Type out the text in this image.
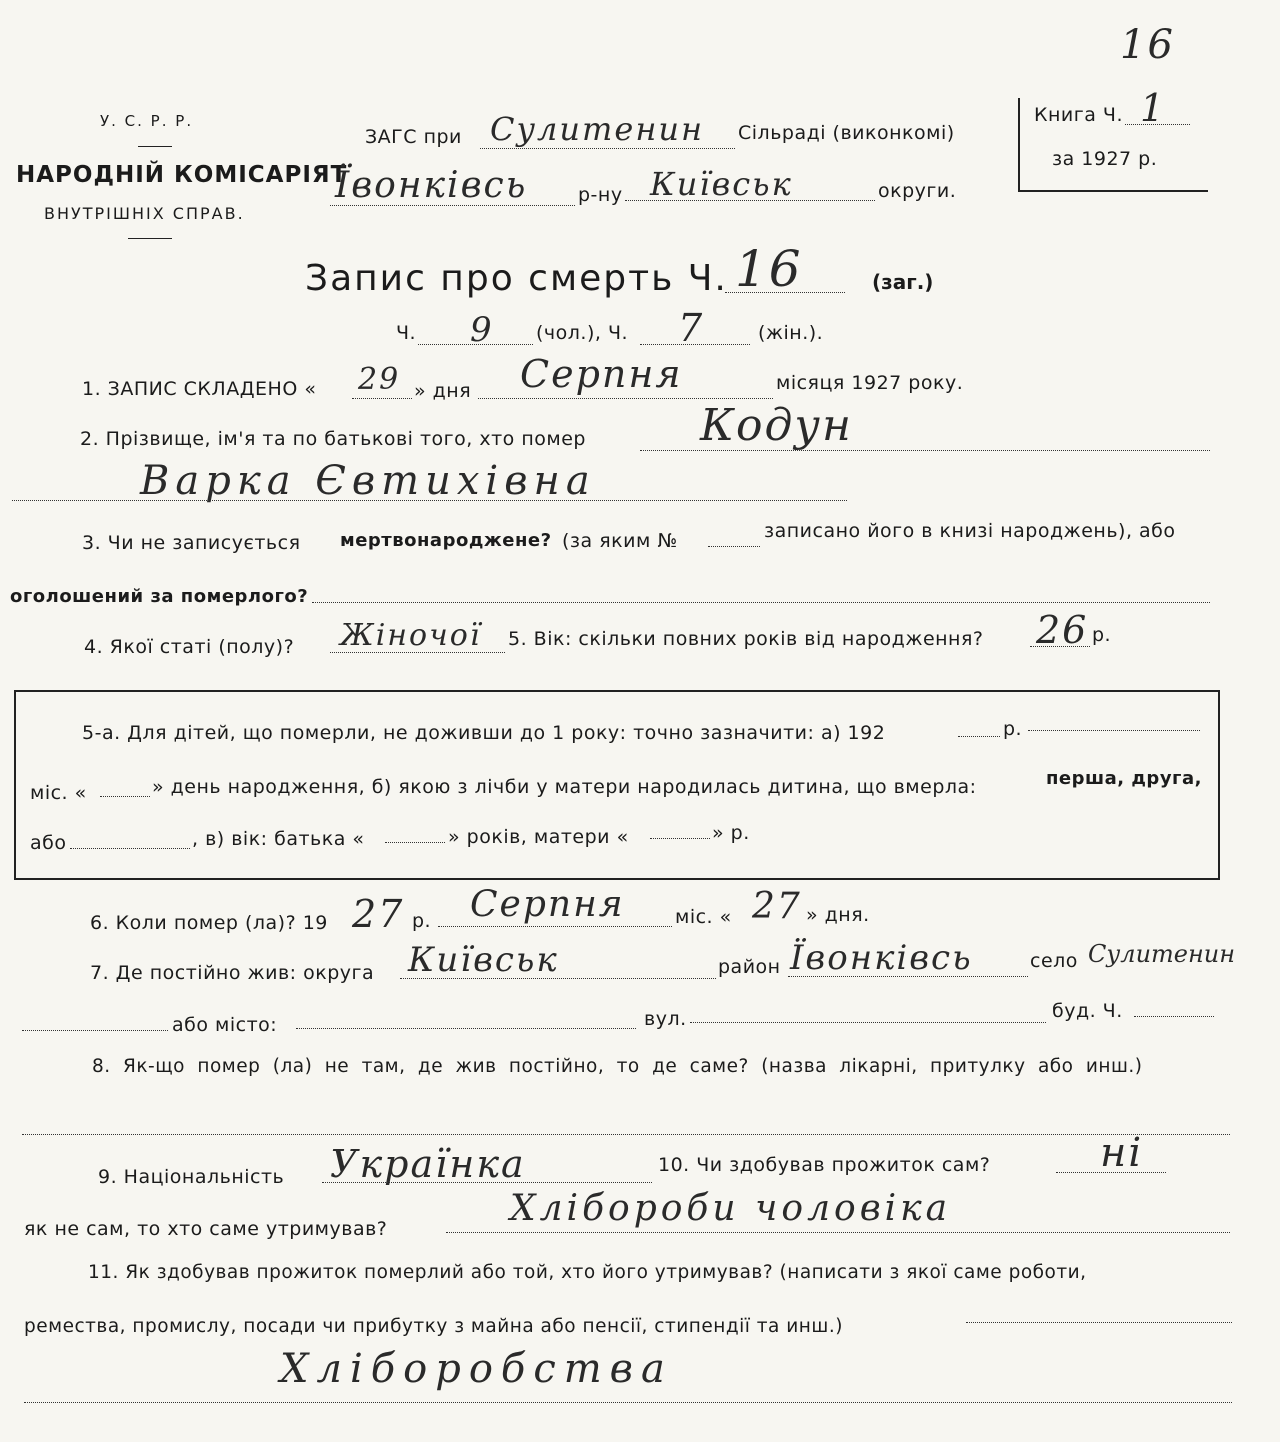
16
У. С. Р. Р.
НАРОДНІЙ КОМІСАРІЯТ
ВНУТРІШНІХ СПРАВ.
ЗАГС при Сулитенин Сільраді (виконкомі)
Ївонківсь	р-ну Київськ	округи.
Книга Ч. 1
за 1927 р.
Запис про смерть Ч. 16	(заг.)
Ч. 9 (чол.), Ч. 7	(жін.).
1. ЗАПИС СКЛАДЕНО « 29 » дня Серпня	місяця 1927 року.
2. Прізвище, ім'я та по батькові того, хто помер	Кодун
Варка Євтихівна
3. Чи не записується мертвонароджене? (за яким №	записано його в книзі народжень), або
оголошений за померлого?
4. Якої статі (полу)? Жіночої 5. Вік: скільки повних років від народження? 26 р.
5-а. Для дітей, що померли, не доживши до 1 року: точно зазначити: а) 192	р.
міс. «	» день народження, б) якою з лічби у матери народилась дитина, що вмерла:	перша, друга,
або	, в) вік: батька «	» років, матери «	» р.
6. Коли помер (ла)? 19 27 р. Серпня	міс. « 27 » дня.
7. Де постійно жив: округа Київськ	район Ївонківсь	село Сулитенин
або місто:	вул.	буд. Ч.
8. Як-що помер (ла) не там, де жив постійно, то де саме? (назва лікарні, притулку або инш.)
9. Національність Українка	10. Чи здобував прожиток сам?	ні
як не сам, то хто саме утримував?	Хлібороби чоловіка
11. Як здобував прожиток померлий або той, хто його утримував? (написати з якої саме роботи,
ремества, промислу, посади чи прибутку з майна або пенсії, стипендії та инш.)
Хліборобства
